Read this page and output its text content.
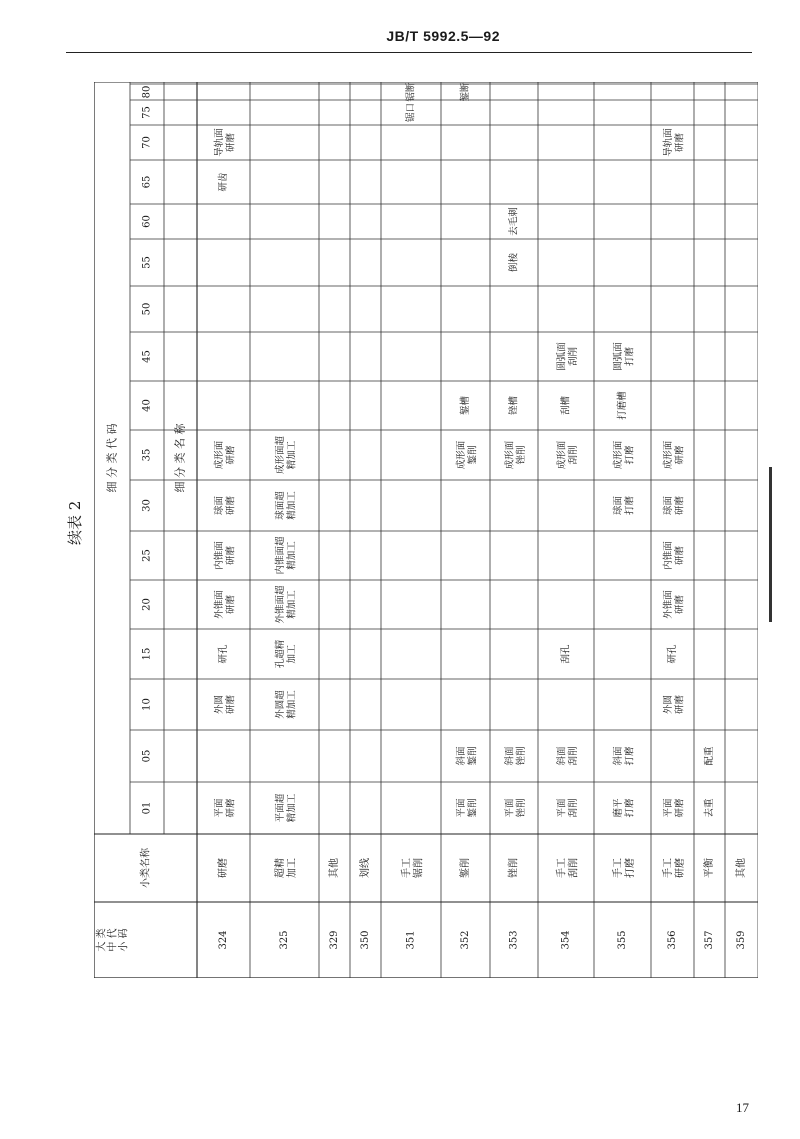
JB/T 5992.5—92
续表 2
大 类 中 代 小 码
小类名称
细 分 类 代 码	细 分 类 名 称
01
05
10
15
20
25
30
35
40
45
50
55
60
65
70
75
80
324
研磨
外圆研磨
研孔
外锥面研磨
内锥面研磨
球面研磨
成形面研磨
研齿
导轨面研磨
平面研磨
325
超精加工
外圆超精加工
孔超精加工
外锥面超精加工
内锥面超精加工
球面超精加工
成形面超精加工
平面超精加工
329
其他
350
划线
351
手工锯削
锯口
锯断
352
錾削
成形面錾削
錾槽
錾断
平面錾削
斜面錾削
353
锉削
成形面锉削
锉槽
倒棱
去毛刺
平面锉削
斜面锉削
354
手工刮削
刮孔
成形面刮削
刮槽
圆弧面刮削
平面刮削
斜面刮削
355
手工打磨
球面打磨
成形面打磨
打磨槽
圆弧面打磨
磨平打磨
斜面打磨
356
手工研磨
外圆研磨
研孔
外锥面研磨
内锥面研磨
球面研磨
成形面研磨
导轨面研磨
平面研磨
357
平衡
去重
配重
359
其他
17
